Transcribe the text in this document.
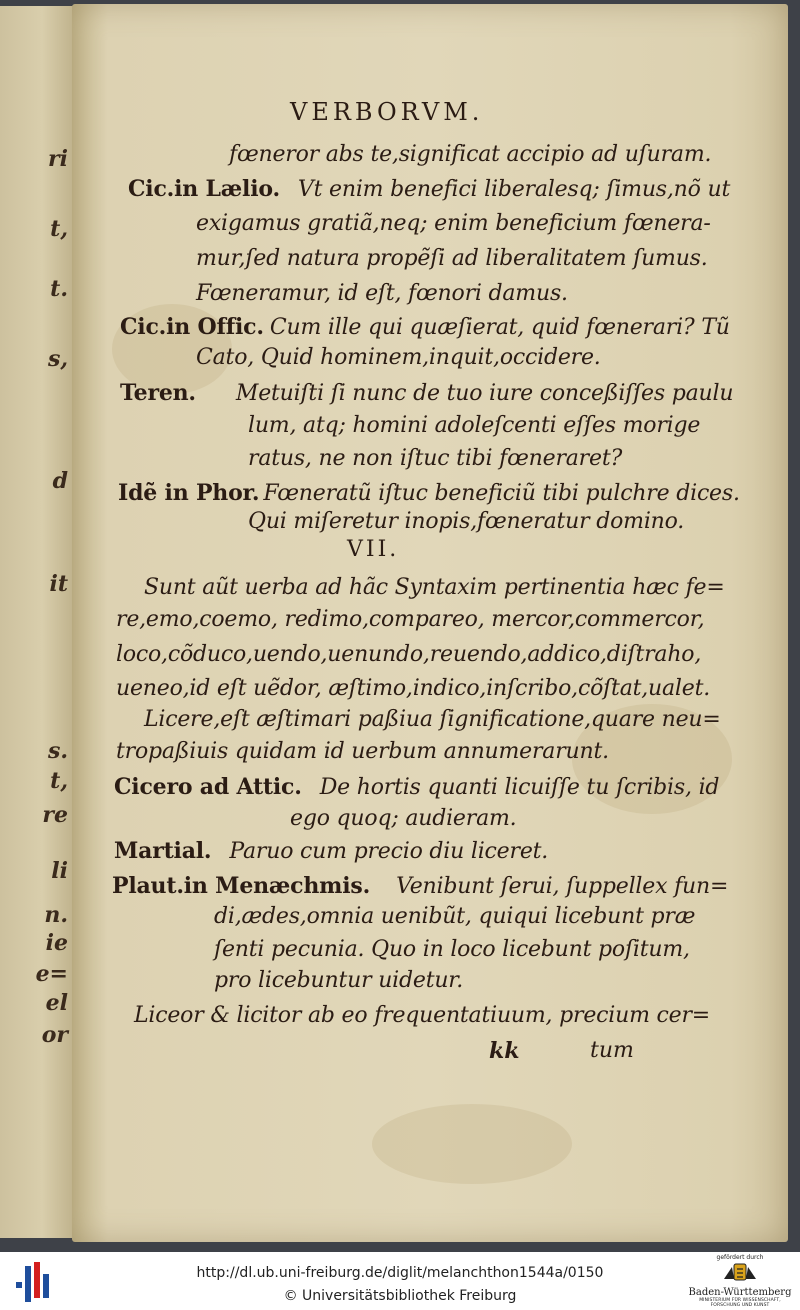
ri
t,
t.
s,
d
it
s.
t,
re
li
n.
ie
e=
el
or
VERBORVM.
fœneror abs te,significat accipio ad uſuram.
Cic.in Lælio. Vt enim benefici liberalesq; ſimus,nõ ut
exigamus gratiã,neq; enim beneficium fœnera-
mur,ſed natura propẽſi ad liberalitatem ſumus.
Fœneramur, id eſt, fœnori damus.
Cic.in Offic. Cum ille qui quæſierat, quid fœnerari? Tũ
Cato, Quid hominem,inquit,occidere.
Teren. Metuiſti ſi nunc de tuo iure conceßiſſes paulu
lum, atq; homini adoleſcenti eſſes morige
ratus, ne non iſtuc tibi fœneraret?
Idẽ in Phor. Fœneratũ iſtuc beneficiũ tibi pulchre dices.
Qui miſeretur inopis,fœneratur domino.
VII.
Sunt aũt uerba ad hãc Syntaxim pertinentia hæc fe=
re,emo,coemo, redimo,compareo, mercor,commercor,
loco,cõduco,uendo,uenundo,reuendo,addico,diſtraho,
ueneo,id eſt uẽdor, æſtimo,indico,inſcribo,cõſtat,ualet.
Licere,eſt æſtimari paßiua ſignificatione,quare neu=
tropaßiuis quidam id uerbum annumerarunt.
Cicero ad Attic. De hortis quanti licuiſſe tu ſcribis, id
ego quoq; audieram.
Martial. Paruo cum precio diu liceret.
Plaut.in Menæchmis. Venibunt ſerui, ſuppellex fun=
di,ædes,omnia uenibũt, quiqui licebunt præ
ſenti pecunia. Quo in loco licebunt poſitum,
pro licebuntur uidetur.
Liceor & licitor ab eo frequentatiuum, precium cer=
kk	tum
http://dl.ub.uni-freiburg.de/diglit/melanchthon1544a/0150
© Universitätsbibliothek Freiburg
gefördert durch
Baden-Württemberg
MINISTERIUM FÜR WISSENSCHAFT, FORSCHUNG UND KUNST
